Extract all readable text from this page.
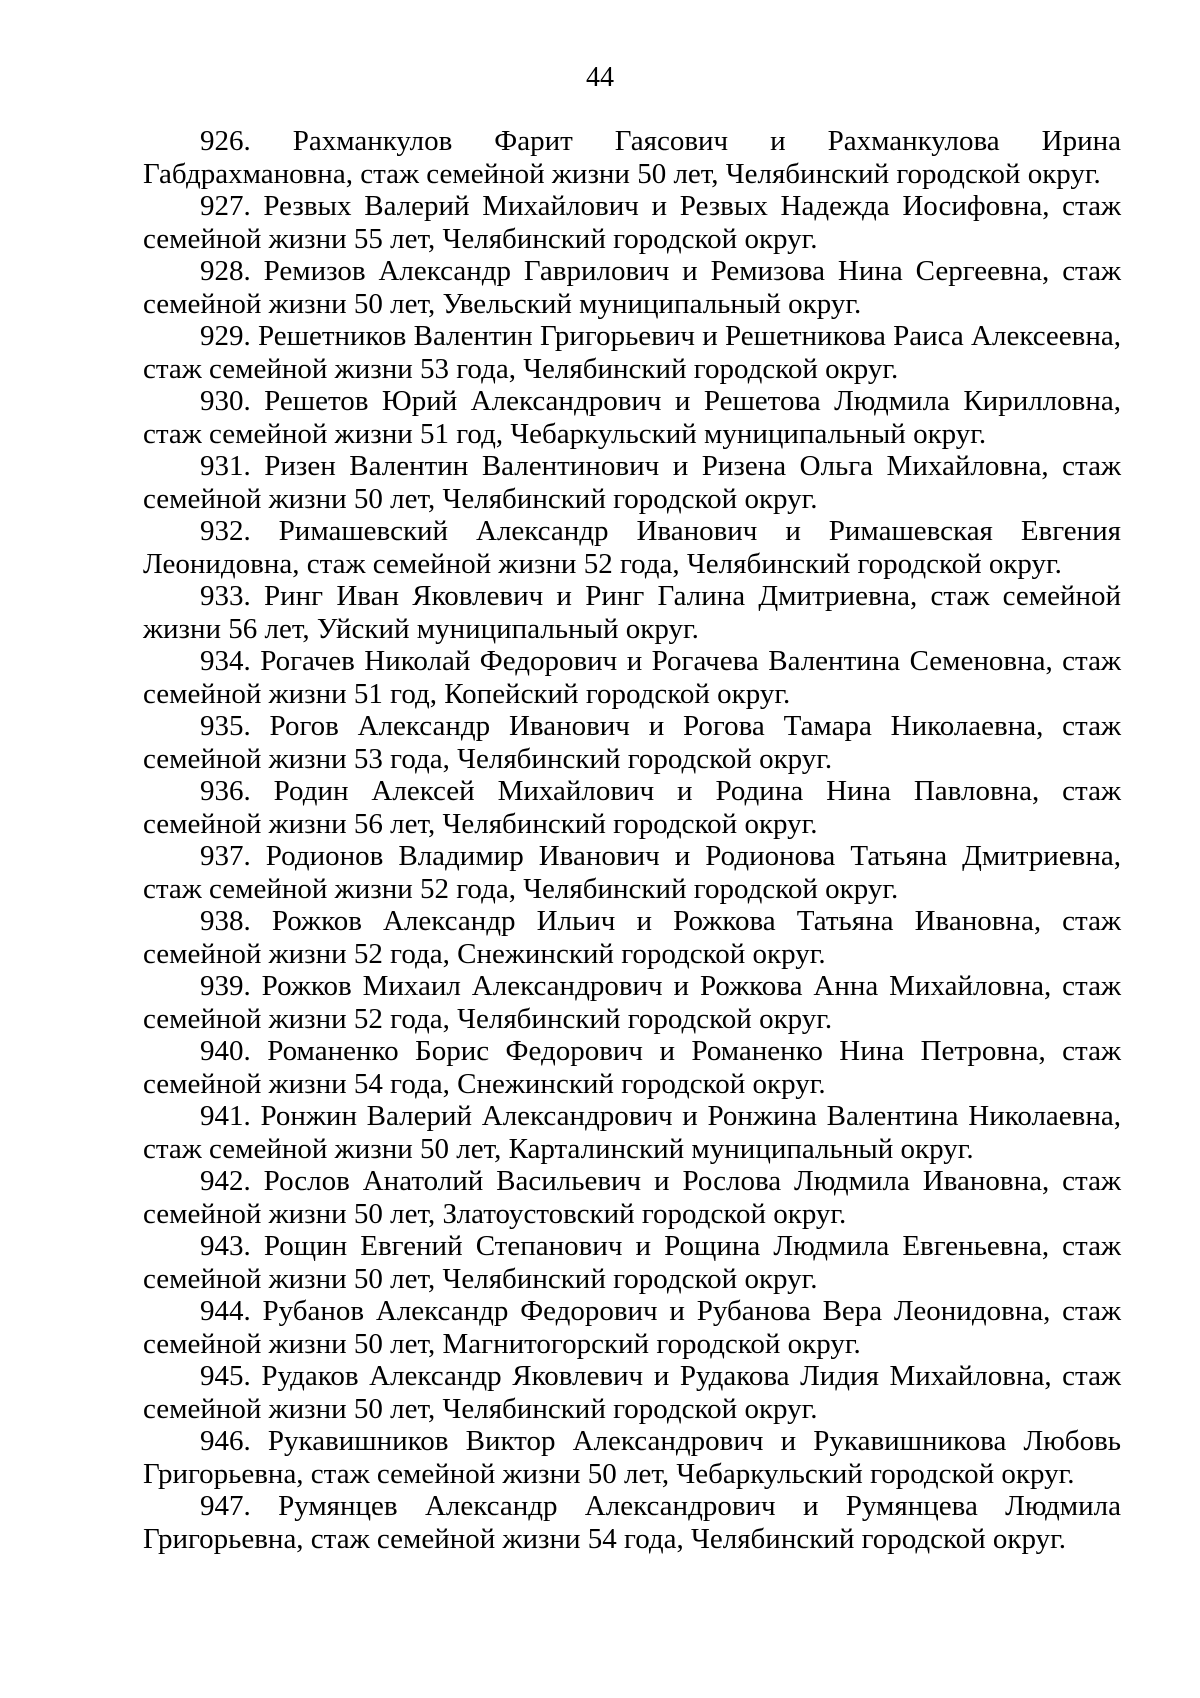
44

926. Рахманкулов Фарит Гаясович и Рахманкулова Ирина Габдрахмановна, стаж семейной жизни 50 лет, Челябинский городской округ.

927. Резвых Валерий Михайлович и Резвых Надежда Иосифовна, стаж семейной жизни 55 лет, Челябинский городской округ.

928. Ремизов Александр Гаврилович и Ремизова Нина Сергеевна, стаж семейной жизни 50 лет, Увельский муниципальный округ.

929. Решетников Валентин Григорьевич и Решетникова Раиса Алексеевна, стаж семейной жизни 53 года, Челябинский городской округ.

930. Решетов Юрий Александрович и Решетова Людмила Кирилловна, стаж семейной жизни 51 год, Чебаркульский муниципальный округ.

931. Ризен Валентин Валентинович и Ризена Ольга Михайловна, стаж семейной жизни 50 лет, Челябинский городской округ.

932. Римашевский Александр Иванович и Римашевская Евгения Леонидовна, стаж семейной жизни 52 года, Челябинский городской округ.

933. Ринг Иван Яковлевич и Ринг Галина Дмитриевна, стаж семейной жизни 56 лет, Уйский муниципальный округ.

934. Рогачев Николай Федорович и Рогачева Валентина Семеновна, стаж семейной жизни 51 год, Копейский городской округ.

935. Рогов Александр Иванович и Рогова Тамара Николаевна, стаж семейной жизни 53 года, Челябинский городской округ.

936. Родин Алексей Михайлович и Родина Нина Павловна, стаж семейной жизни 56 лет, Челябинский городской округ.

937. Родионов Владимир Иванович и Родионова Татьяна Дмитриевна, стаж семейной жизни 52 года, Челябинский городской округ.

938. Рожков Александр Ильич и Рожкова Татьяна Ивановна, стаж семейной жизни 52 года, Снежинский городской округ.

939. Рожков Михаил Александрович и Рожкова Анна Михайловна, стаж семейной жизни 52 года, Челябинский городской округ.

940. Романенко Борис Федорович и Романенко Нина Петровна, стаж семейной жизни 54 года, Снежинский городской округ.

941. Ронжин Валерий Александрович и Ронжина Валентина Николаевна, стаж семейной жизни 50 лет, Карталинский муниципальный округ.

942. Рослов Анатолий Васильевич и Рослова Людмила Ивановна, стаж семейной жизни 50 лет, Златоустовский городской округ.

943. Рощин Евгений Степанович и Рощина Людмила Евгеньевна, стаж семейной жизни 50 лет, Челябинский городской округ.

944. Рубанов Александр Федорович и Рубанова Вера Леонидовна, стаж семейной жизни 50 лет, Магнитогорский городской округ.

945. Рудаков Александр Яковлевич и Рудакова Лидия Михайловна, стаж семейной жизни 50 лет, Челябинский городской округ.

946. Рукавишников Виктор Александрович и Рукавишникова Любовь Григорьевна, стаж семейной жизни 50 лет, Чебаркульский городской округ.

947. Румянцев Александр Александрович и Румянцева Людмила Григорьевна, стаж семейной жизни 54 года, Челябинский городской округ.
